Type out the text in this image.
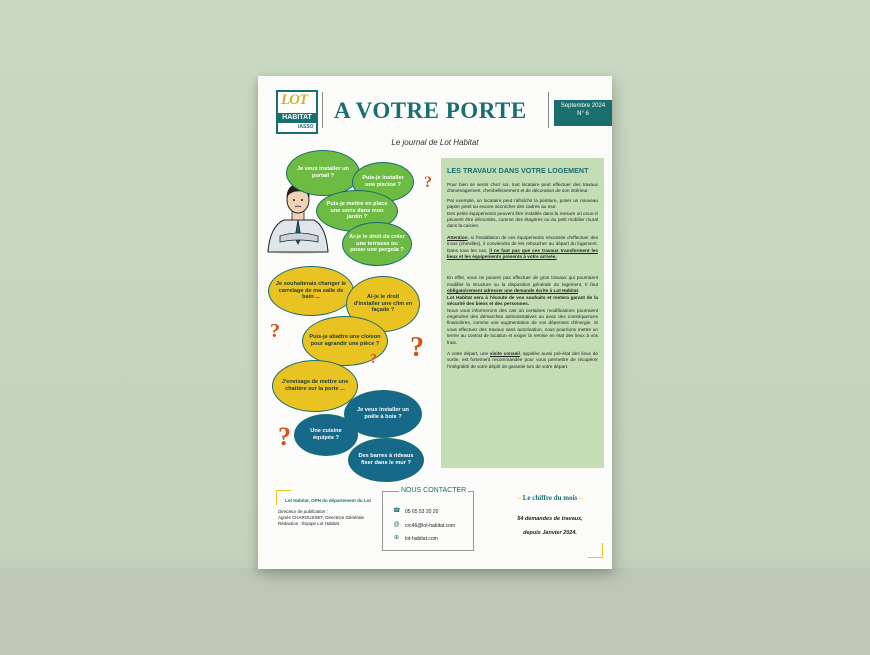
LOT
HABITAT
IASSO
A VOTRE PORTE	Septembre 2024
N° 6
Le journal de Lot Habitat
Je veux installer un portail ?	Puis-je installer une piscine ?
Puis-je mettre en place une serre dans mon jardin ?
Ai-je le droit de créer une terrasse ou poser une pergola ?
Je souhaiterais changer le carrelage de ma salle de bain ...	Ai-je le droit d'installer une clim en façade ?
Puis-je abattre une cloison pour agrandir une pièce ?
J'envisage de mettre une chatière sur la porte ...
Je veux installer un poêle à bois ?
Une cuisine équipée ?
Des barres à rideaux fixer dans le mur ?
?
?
?
?
?
LES TRAVAUX DANS VOTRE LOGEMENT

Pour bien se sentir chez soi, tout locataire peut effectuer des travaux d'aménagement, d'embellissement et de décoration de son intérieur.

Par exemple, un locataire peut rafraîchir la peinture, poser un nouveau papier peint ou encore accrocher des cadres au mur.

Des petits équipements peuvent être installés dans la mesure où ceux-ci peuvent être démontés, comme des étagères ou du petit mobilier mural dans la cuisine.

Attention, si l'installation de ces équipements nécessite d'effectuer des trous (chevilles), il conviendra de les reboucher au départ du logement. Dans tous les cas, il ne faut pas que ces travaux transforment les lieux et les équipements présents à votre arrivée.

En effet, vous ne pouvez pas effectuer de gros travaux qui pourraient modifier la structure ou la disposition générale du logement. Il faut obligatoirement adresser une demande écrite à Lot Habitat.

Lot Habitat sera à l'écoute de vos souhaits et restera garant de la sécurité des biens et des personnes.

Nous vous informerons des cas où certaines modifications pourraient engendrer des démarches administratives ou avoir des conséquences financières, comme une augmentation de vos dépenses d'énergie. Si vous effectuez des travaux sans autorisation, nous pourrions mettre un terme au contrat de location et exiger la remise en état des lieux à vos frais.

A votre départ, une visite conseil, appelée aussi pré-état des lieux de sortie, est fortement recommandée pour vous permettre de récupérer l'intégralité de votre dépôt de garantie lors de votre départ.

Lot Habitat, OPH du département du Lot
Directeur de publication :
Agnès CHAROUSSET, Directrice Générale
Rédaction : Équipe Lot Habitat
NOUS CONTACTER
☎ 05 65 53 20 20
@ crc46@lot-habitat.com
⊕ lot-habitat.com
– Le chiffre du mois –
54 demandes de travaux,
depuis Janvier 2024.
